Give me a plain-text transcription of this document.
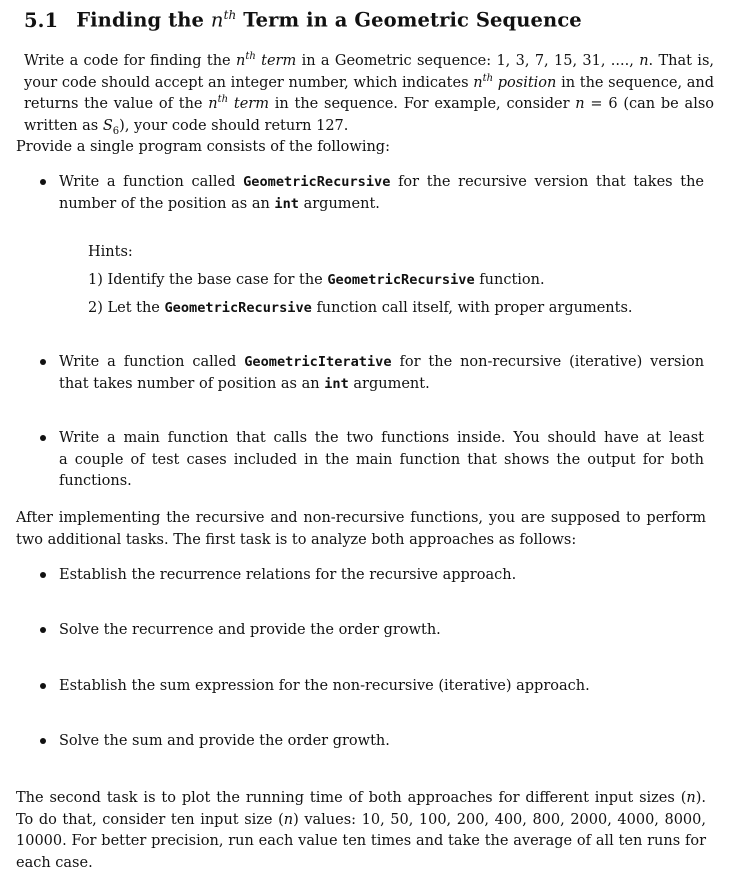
5.1 Finding the $n^{th}$ Term in a Geometric Sequence
Write a code for finding the $n^{th}$ term in a Geometric sequence: 1, 3, 7, 15, 31, ...., n. That is,
your code should accept an integer number, which indicates $n^{th}$ position in the sequence, and
returns the value of the $n^{th}$ term in the sequence. For example, consider n = 6 (can be also
written as $S_6$), your code should return 127.
Provide a single program consists of the following:
Write a function called GeometricRecursive for the recursive version that takes the
number of the position as an int argument.
Hints:
1) Identify the base case for the GeometricRecursive function.
2) Let the GeometricRecursive function call itself, with proper arguments.
Write a function called GeometricIterative for the non-recursive (iterative) version
that takes number of position as an int argument.
Write a main function that calls the two functions inside. You should have at least
a couple of test cases included in the main function that shows the output for both
functions.
After implementing the recursive and non-recursive functions, you are supposed to perform
two additional tasks. The first task is to analyze both approaches as follows:
Establish the recurrence relations for the recursive approach.
Solve the recurrence and provide the order growth.
Establish the sum expression for the non-recursive (iterative) approach.
Solve the sum and provide the order growth.
The second task is to plot the running time of both approaches for different input sizes (n).
To do that, consider ten input size (n) values: 10, 50, 100, 200, 400, 800, 2000, 4000, 8000,
10000. For better precision, run each value ten times and take the average of all ten runs for
each case.
